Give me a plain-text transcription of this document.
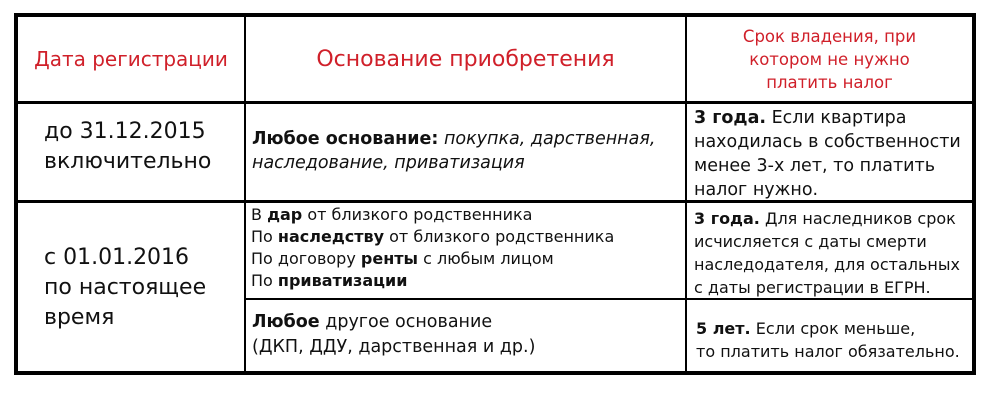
Дата регистрации	Основание приобретения
Срок владения, при
котором не нужно
платить налог
до 31.12.2015
включительно
Любое основание: покупка, дарственная,
наследование, приватизация
3 года. Если квартира
находилась в собственности
менее 3-х лет, то платить
налог нужно.
с 01.01.2016
по настоящее
время
В дар от близкого родственника
По наследству от близкого родственника
По договору ренты с любым лицом
По приватизации
3 года. Для наследников срок
исчисляется с даты смерти
наследодателя, для остальных
с даты регистрации в ЕГРН.
Любое другое основание
(ДКП, ДДУ, дарственная и др.)
5 лет. Если срок меньше,
то платить налог обязательно.
